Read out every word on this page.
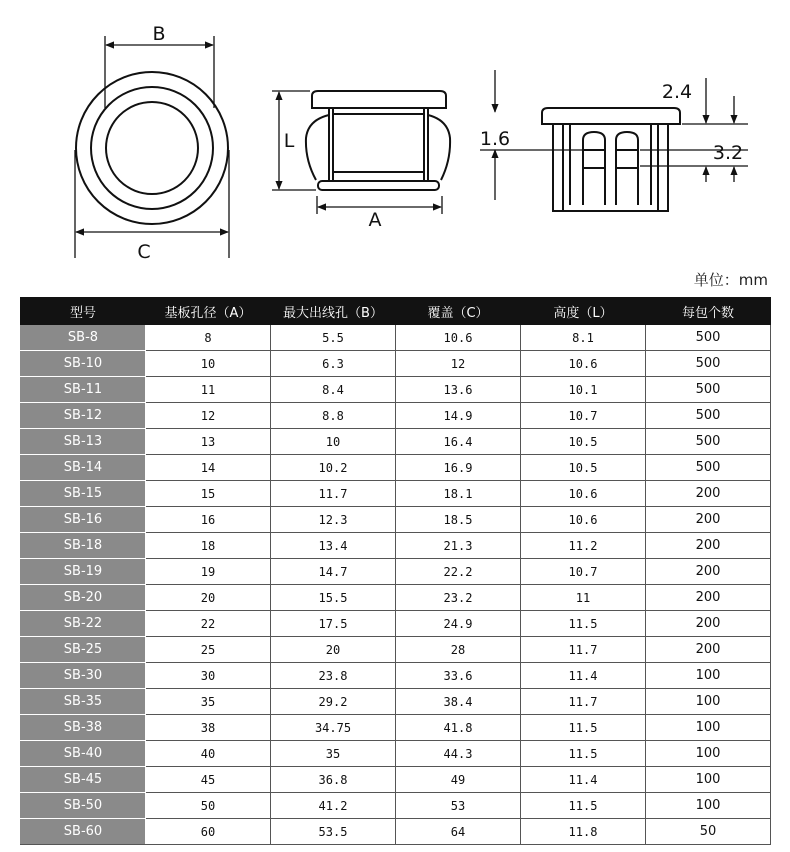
B
C
L
A
1.6
2.4
3.2
单位：mm
型号	基板孔径（A）	最大出线孔（B）	覆盖（C）	高度（L）	每包个数
SB-8	8	5.5	10.6	8.1	500
SB-10	10	6.3	12	10.6	500
SB-11	11	8.4	13.6	10.1	500
SB-12	12	8.8	14.9	10.7	500
SB-13	13	10	16.4	10.5	500
SB-14	14	10.2	16.9	10.5	500
SB-15	15	11.7	18.1	10.6	200
SB-16	16	12.3	18.5	10.6	200
SB-18	18	13.4	21.3	11.2	200
SB-19	19	14.7	22.2	10.7	200
SB-20	20	15.5	23.2	11	200
SB-22	22	17.5	24.9	11.5	200
SB-25	25	20	28	11.7	200
SB-30	30	23.8	33.6	11.4	100
SB-35	35	29.2	38.4	11.7	100
SB-38	38	34.75	41.8	11.5	100
SB-40	40	35	44.3	11.5	100
SB-45	45	36.8	49	11.4	100
SB-50	50	41.2	53	11.5	100
SB-60	60	53.5	64	11.8	50
